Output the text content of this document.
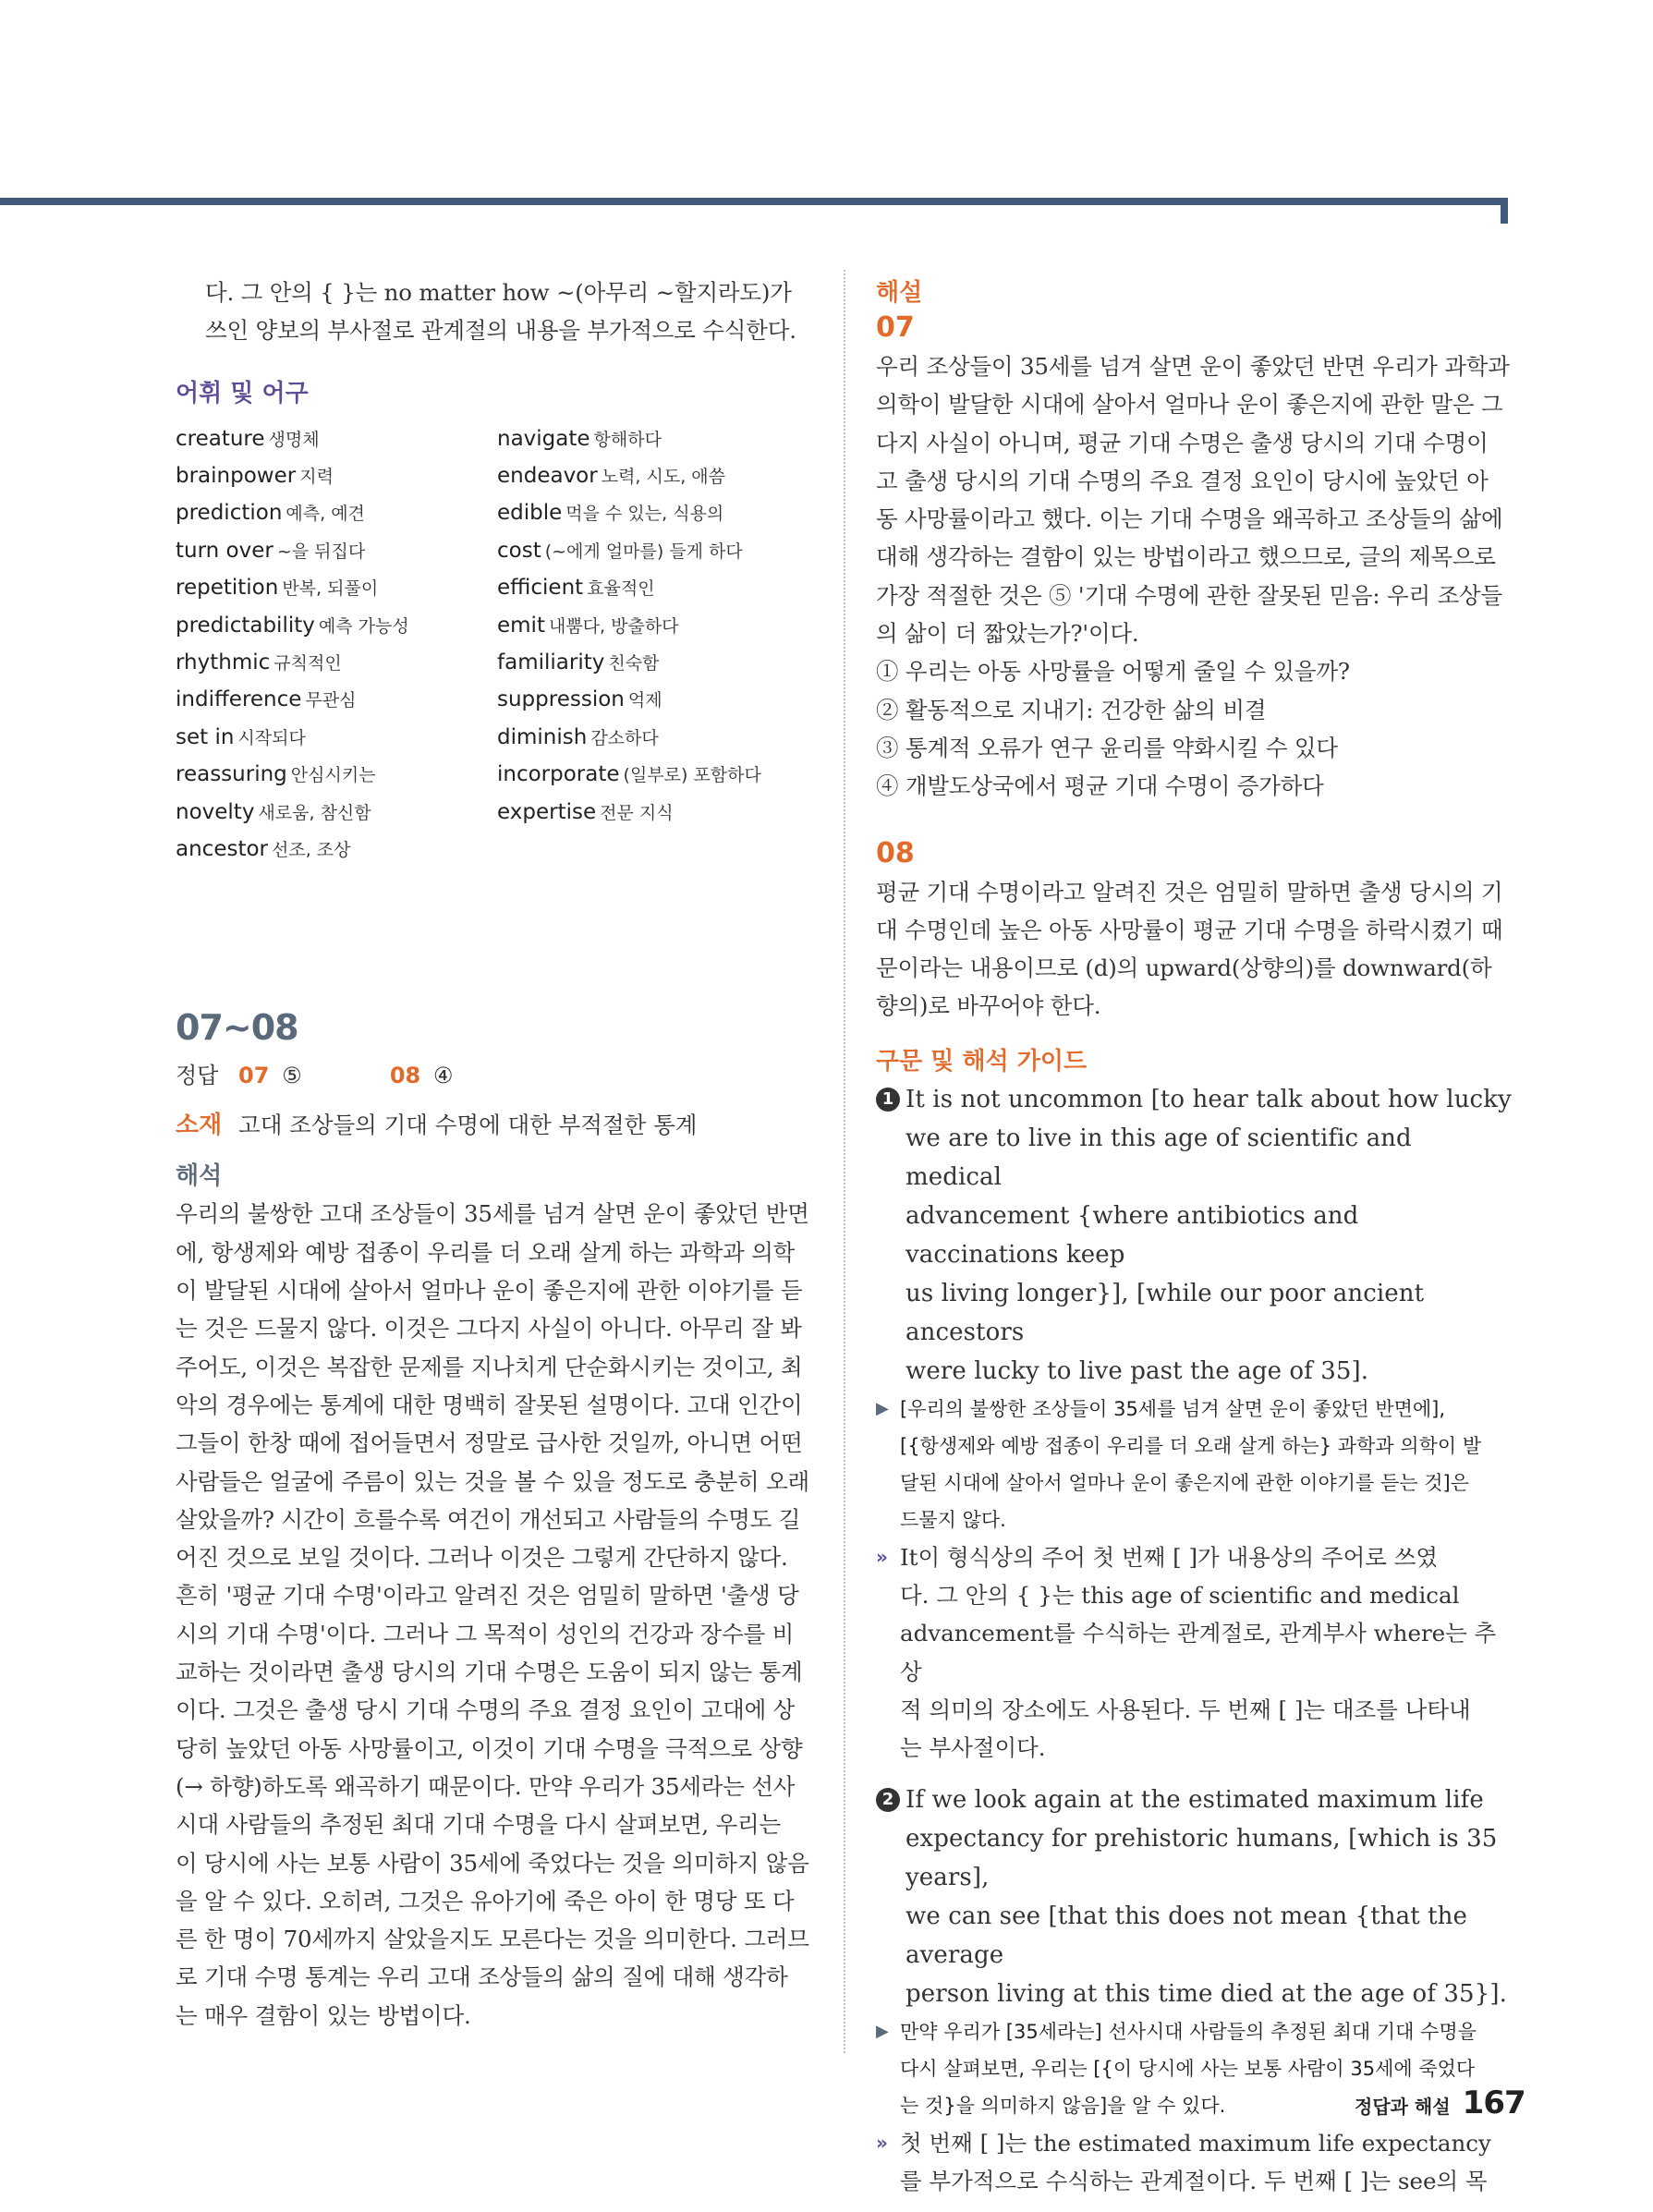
다. 그 안의 { }는 no matter how ~(아무리 ~할지라도)가

쓰인 양보의 부사절로 관계절의 내용을 부가적으로 수식한다.

어휘 및 어구

creature 생명체	navigate 항해하다
brainpower 지력	endeavor 노력, 시도, 애씀
prediction 예측, 예견	edible 먹을 수 있는, 식용의
turn over ~을 뒤집다	cost (~에게 얼마를) 들게 하다
repetition 반복, 되풀이	efficient 효율적인
predictability 예측 가능성	emit 내뿜다, 방출하다
rhythmic 규칙적인	familiarity 친숙함
indifference 무관심	suppression 억제
set in 시작되다	diminish 감소하다
reassuring 안심시키는	incorporate (일부로) 포함하다
novelty 새로움, 참신함	expertise 전문 지식
ancestor 선조, 조상

07~08

정답 07 ⑤	08 ④
소재 고대 조상들의 기대 수명에 대한 부적절한 통계

해석

우리의 불쌍한 고대 조상들이 35세를 넘겨 살면 운이 좋았던 반면

에, 항생제와 예방 접종이 우리를 더 오래 살게 하는 과학과 의학

이 발달된 시대에 살아서 얼마나 운이 좋은지에 관한 이야기를 듣

는 것은 드물지 않다. 이것은 그다지 사실이 아니다. 아무리 잘 봐

주어도, 이것은 복잡한 문제를 지나치게 단순화시키는 것이고, 최

악의 경우에는 통계에 대한 명백히 잘못된 설명이다. 고대 인간이

그들이 한창 때에 접어들면서 정말로 급사한 것일까, 아니면 어떤

사람들은 얼굴에 주름이 있는 것을 볼 수 있을 정도로 충분히 오래

살았을까? 시간이 흐를수록 여건이 개선되고 사람들의 수명도 길

어진 것으로 보일 것이다. 그러나 이것은 그렇게 간단하지 않다.

흔히 '평균 기대 수명'이라고 알려진 것은 엄밀히 말하면 '출생 당

시의 기대 수명'이다. 그러나 그 목적이 성인의 건강과 장수를 비

교하는 것이라면 출생 당시의 기대 수명은 도움이 되지 않는 통계

이다. 그것은 출생 당시 기대 수명의 주요 결정 요인이 고대에 상

당히 높았던 아동 사망률이고, 이것이 기대 수명을 극적으로 상향

(→ 하향)하도록 왜곡하기 때문이다. 만약 우리가 35세라는 선사

시대 사람들의 추정된 최대 기대 수명을 다시 살펴보면, 우리는

이 당시에 사는 보통 사람이 35세에 죽었다는 것을 의미하지 않음

을 알 수 있다. 오히려, 그것은 유아기에 죽은 아이 한 명당 또 다

른 한 명이 70세까지 살았을지도 모른다는 것을 의미한다. 그러므

로 기대 수명 통계는 우리 고대 조상들의 삶의 질에 대해 생각하

는 매우 결함이 있는 방법이다.

해설

07

우리 조상들이 35세를 넘겨 살면 운이 좋았던 반면 우리가 과학과

의학이 발달한 시대에 살아서 얼마나 운이 좋은지에 관한 말은 그

다지 사실이 아니며, 평균 기대 수명은 출생 당시의 기대 수명이

고 출생 당시의 기대 수명의 주요 결정 요인이 당시에 높았던 아

동 사망률이라고 했다. 이는 기대 수명을 왜곡하고 조상들의 삶에

대해 생각하는 결함이 있는 방법이라고 했으므로, 글의 제목으로

가장 적절한 것은 ⑤ '기대 수명에 관한 잘못된 믿음: 우리 조상들

의 삶이 더 짧았는가?'이다.

① 우리는 아동 사망률을 어떻게 줄일 수 있을까?

② 활동적으로 지내기: 건강한 삶의 비결

③ 통계적 오류가 연구 윤리를 약화시킬 수 있다

④ 개발도상국에서 평균 기대 수명이 증가하다

08

평균 기대 수명이라고 알려진 것은 엄밀히 말하면 출생 당시의 기

대 수명인데 높은 아동 사망률이 평균 기대 수명을 하락시켰기 때

문이라는 내용이므로 (d)의 upward(상향의)를 downward(하

향의)로 바꾸어야 한다.

구문 및 해석 가이드

1 It is not uncommon [to hear talk about how lucky

we are to live in this age of scientific and medical

advancement {where antibiotics and vaccinations keep

us living longer}], [while our poor ancient ancestors

were lucky to live past the age of 35].

▶ [우리의 불쌍한 조상들이 35세를 넘겨 살면 운이 좋았던 반면에],
[{항생제와 예방 접종이 우리를 더 오래 살게 하는} 과학과 의학이 발
달된 시대에 살아서 얼마나 운이 좋은지에 관한 이야기를 듣는 것]은
드물지 않다.
» It이 형식상의 주어 첫 번째 [ ]가 내용상의 주어로 쓰였
다. 그 안의 { }는 this age of scientific and medical
advancement를 수식하는 관계절로, 관계부사 where는 추상
적 의미의 장소에도 사용된다. 두 번째 [ ]는 대조를 나타내
는 부사절이다.
2 If we look again at the estimated maximum life

expectancy for prehistoric humans, [which is 35 years],

we can see [that this does not mean {that the average

person living at this time died at the age of 35}].

▶ 만약 우리가 [35세라는] 선사시대 사람들의 추정된 최대 기대 수명을
다시 살펴보면, 우리는 [{이 당시에 사는 보통 사람이 35세에 죽었다
는 것}을 의미하지 않음]을 알 수 있다.
» 첫 번째 [ ]는 the estimated maximum life expectancy
를 부가적으로 수식하는 관계절이다. 두 번째 [ ]는 see의 목
정답과 해설 167
